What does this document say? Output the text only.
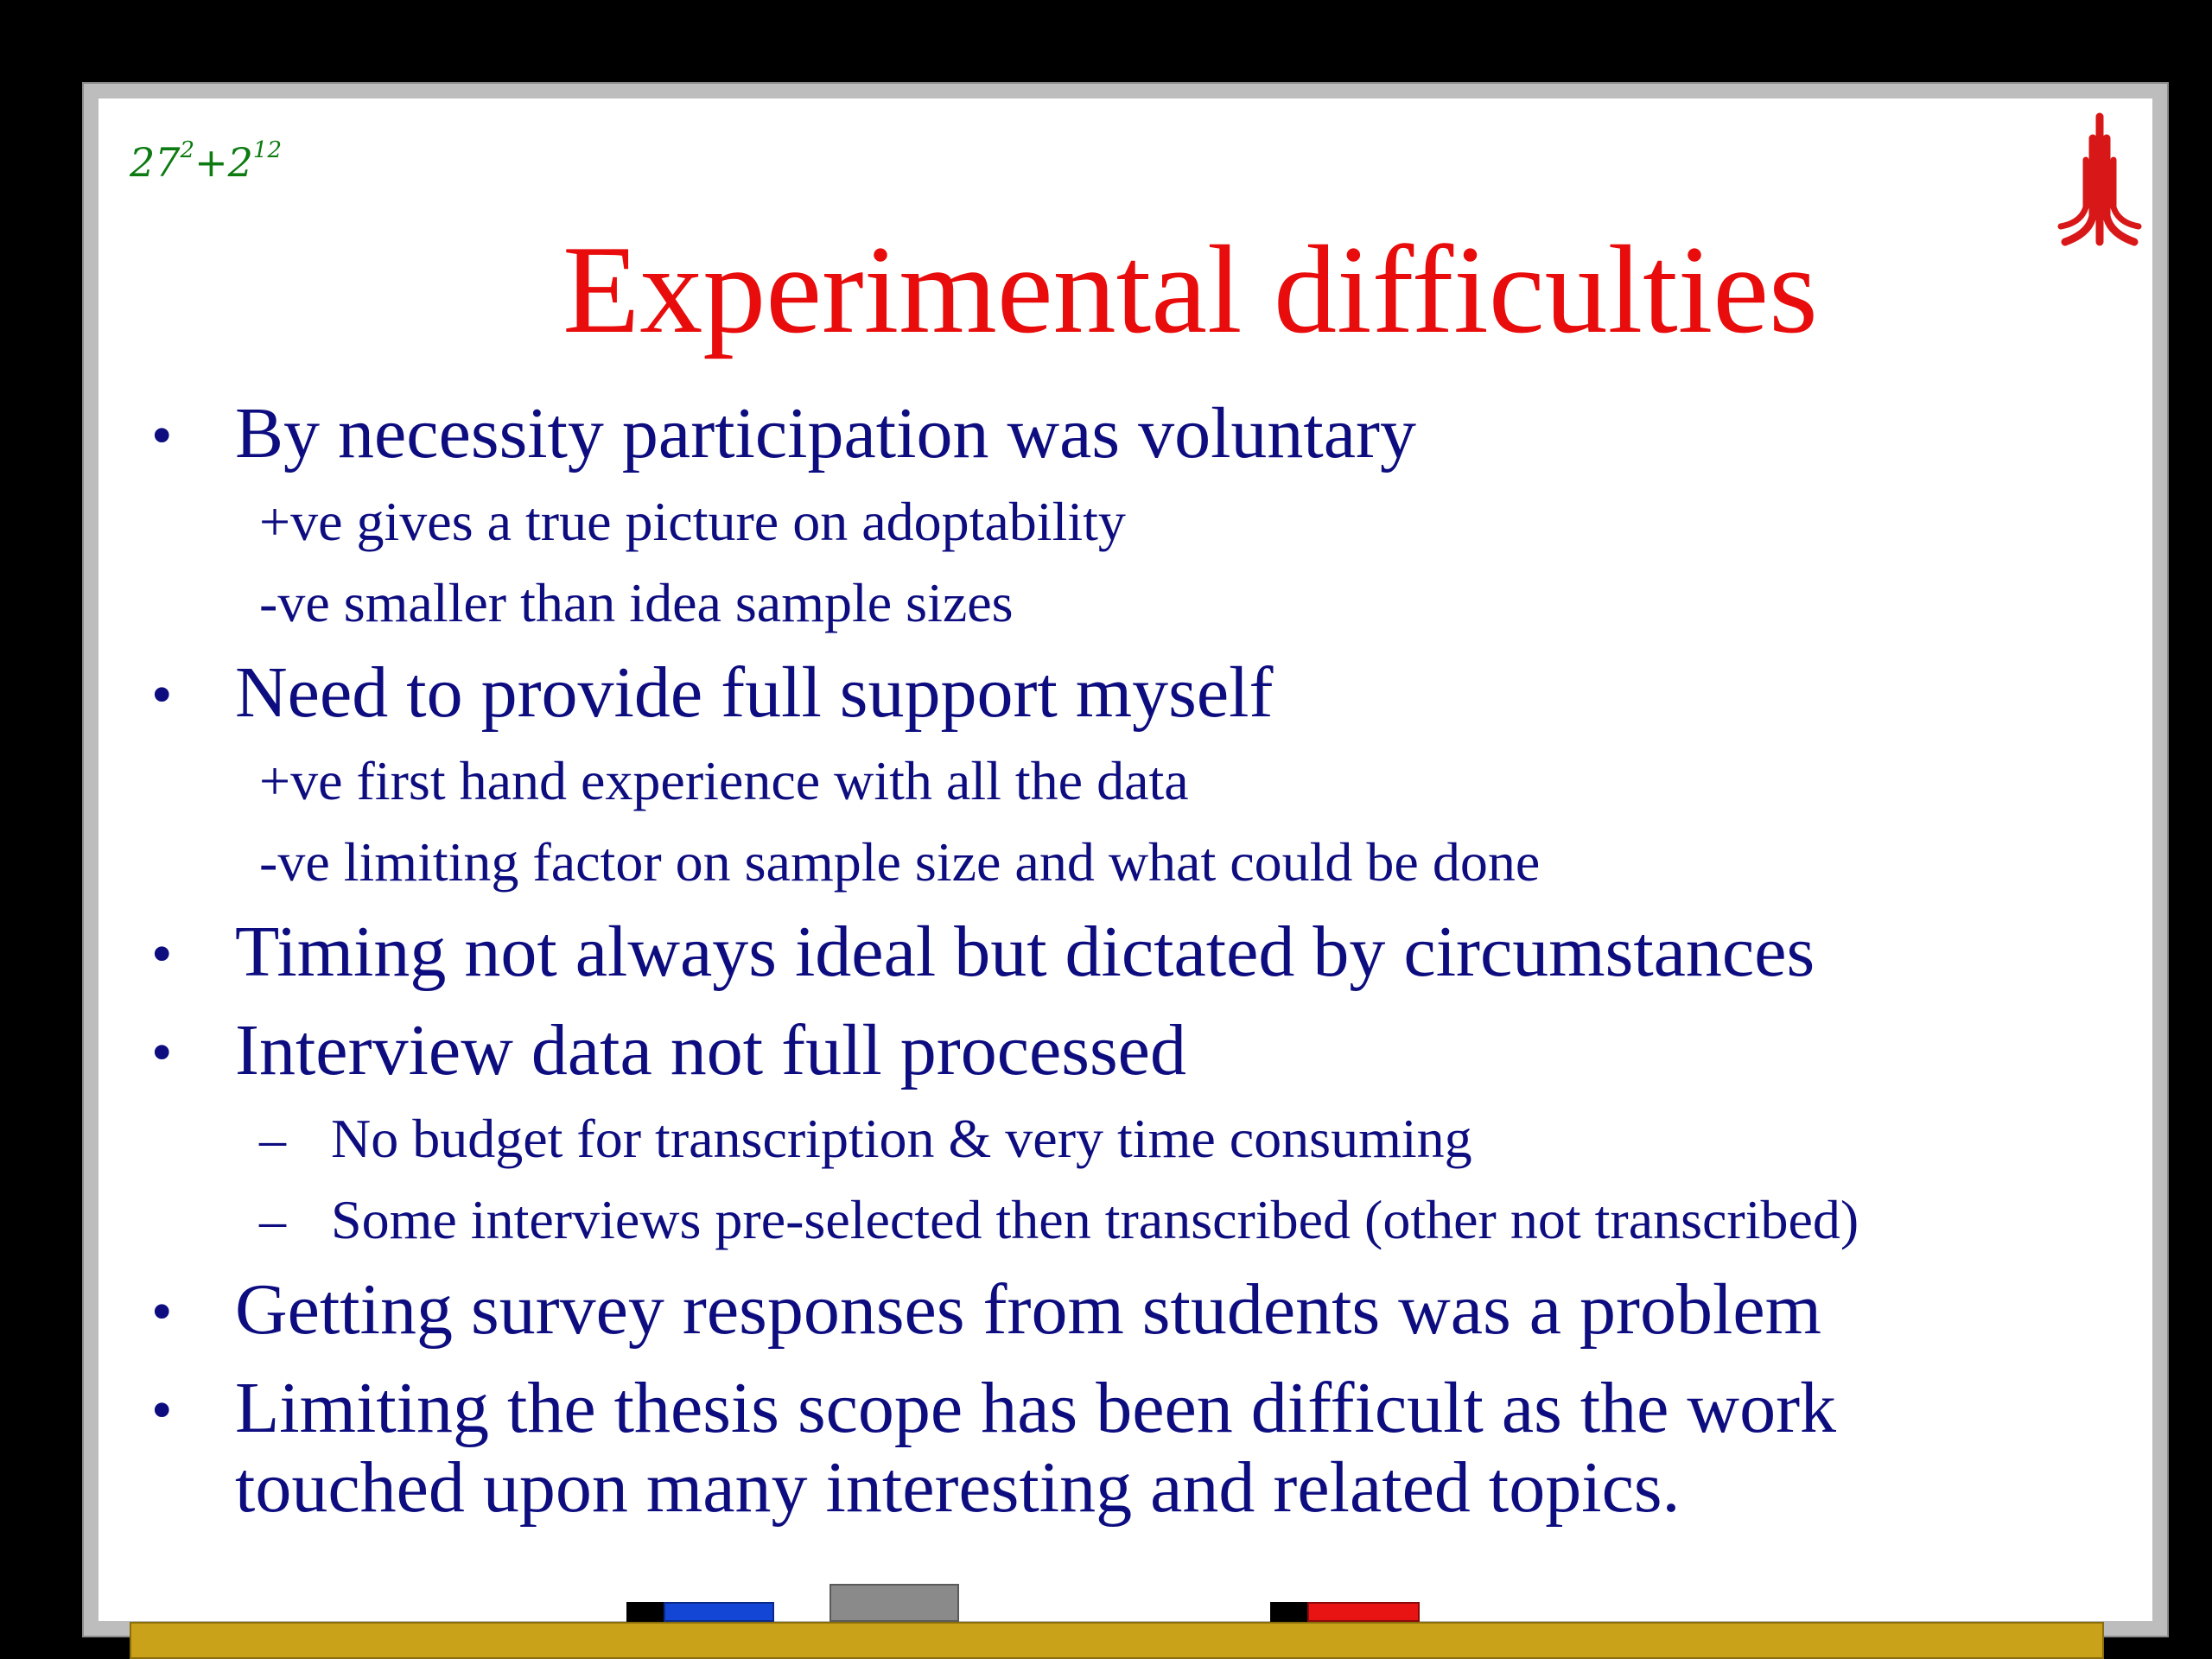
$27^2+2^{12}$
Experimental difficulties
• By necessity participation was voluntary
+ve gives a true picture on adoptability
-ve smaller than idea sample sizes
• Need to provide full support myself
+ve first hand experience with all the data
-ve limiting factor on sample size and what could be done
• Timing not always ideal but dictated by circumstances
• Interview data not full processed
– No budget for transcription & very time consuming
– Some interviews pre-selected then transcribed (other not transcribed)
• Getting survey responses from students was a problem
• Limiting the thesis scope has been difficult as the work
touched upon many interesting and related topics.
